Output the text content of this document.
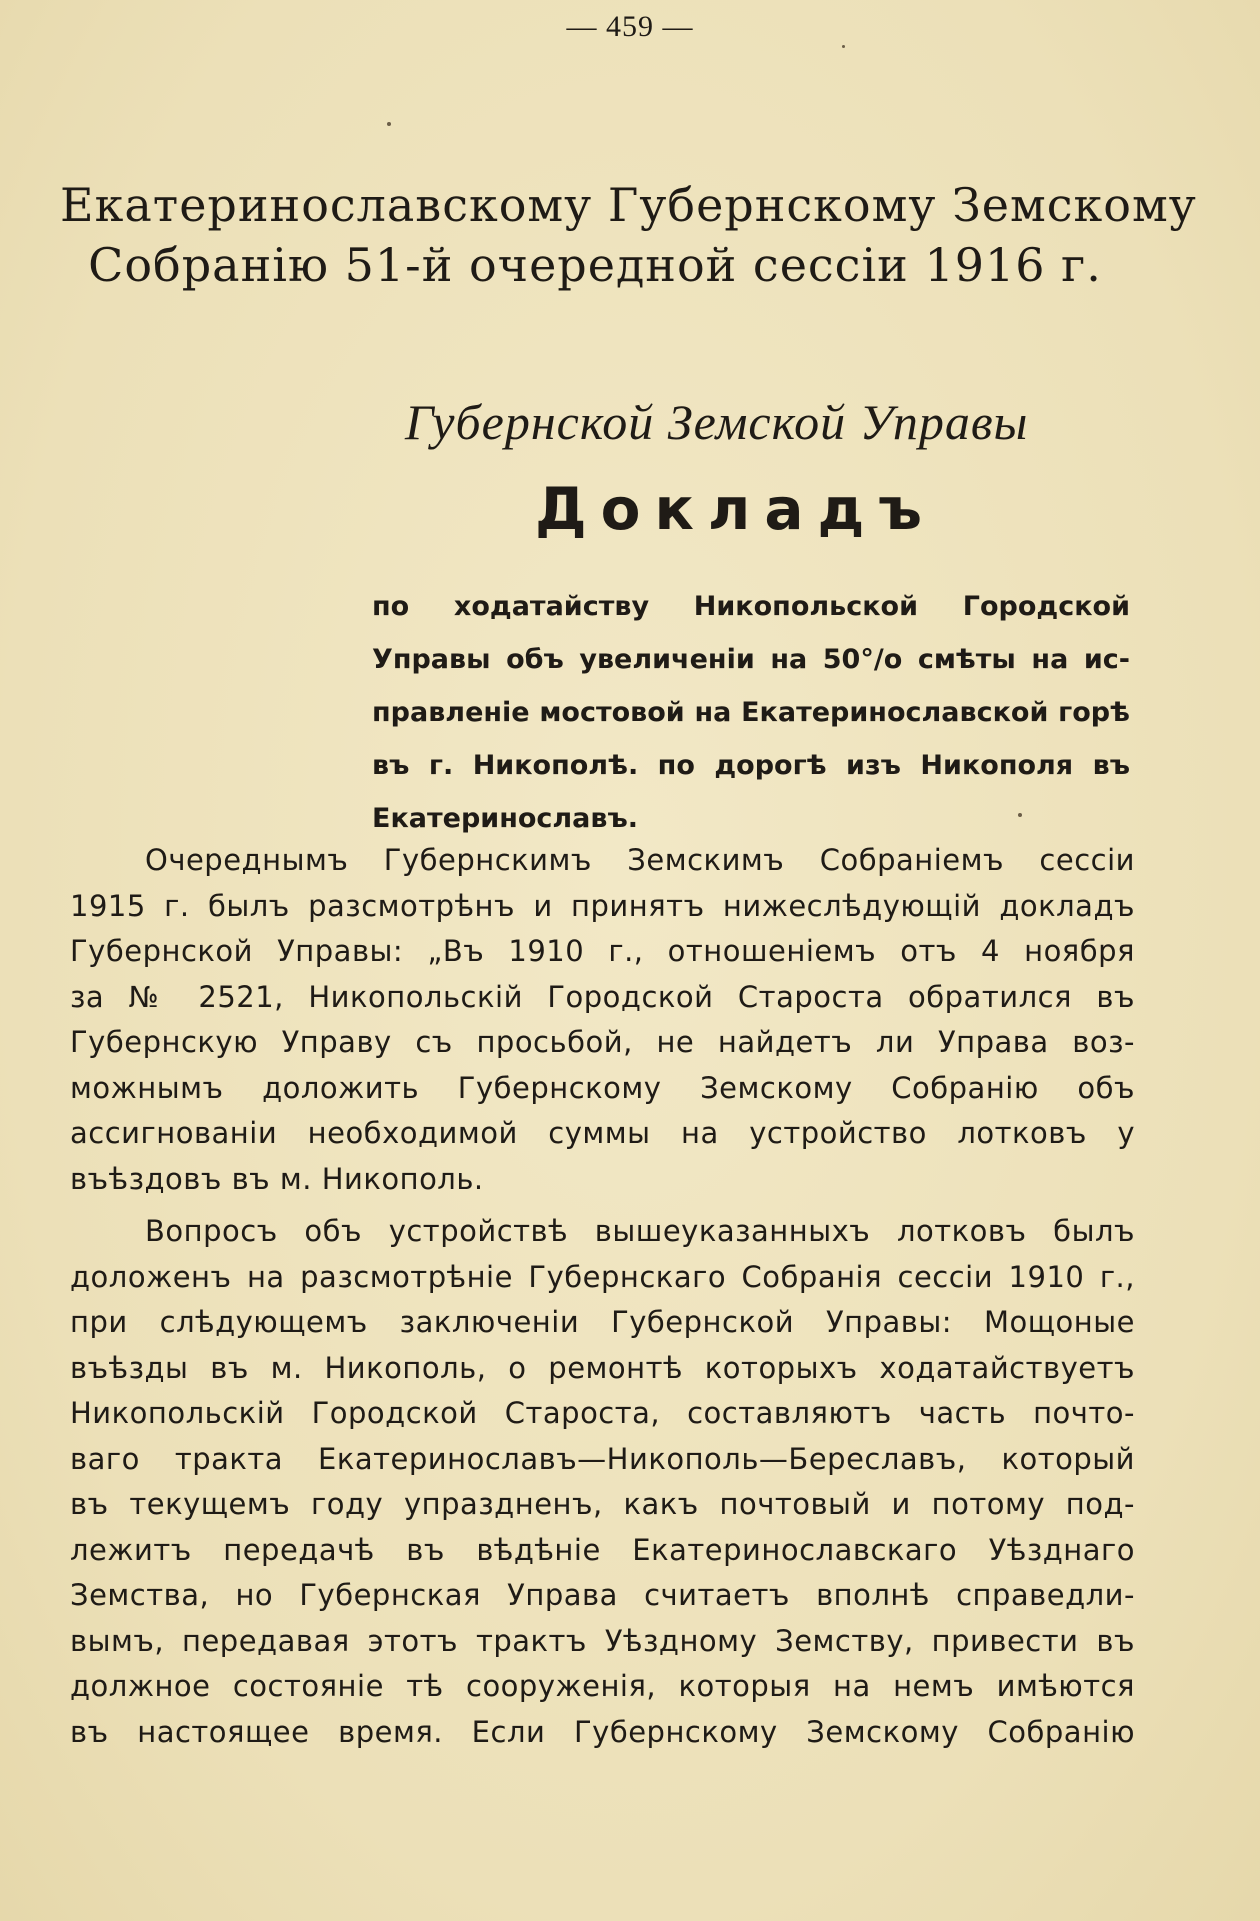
— 459 —
Екатеринославскому Губернскому Земскому
Собранію 51-й очередной сессіи 1916 г.
Губернской Земской Управы
Докладъ
по ходатайству Никопольской Городской
Управы объ увеличеніи на 50°/о смѣты на ис-
правленіе мостовой на Екатеринославской горѣ
въ г. Никополѣ. по дорогѣ изъ Никополя въ
Екатеринославъ.

Очереднымъ Губернскимъ Земскимъ Собраніемъ сессіи
1915 г. былъ разсмотрѣнъ и принятъ нижеслѣдующій докладъ
Губернской Управы: „Въ 1910 г., отношеніемъ отъ 4 ноября
за № 2521, Никопольскій Городской Староста обратился въ
Губернскую Управу съ просьбой, не найдетъ ли Управа воз-
можнымъ доложить Губернскому Земскому Собранію объ
ассигнованіи необходимой суммы на устройство лотковъ у
въѣздовъ въ м. Никополь.

Вопросъ объ устройствѣ вышеуказанныхъ лотковъ былъ
доложенъ на разсмотрѣніе Губернскаго Собранія сессіи 1910 г.,
при слѣдующемъ заключеніи Губернской Управы: Мощоные
въѣзды въ м. Никополь, о ремонтѣ которыхъ ходатайствуетъ
Никопольскій Городской Староста, составляютъ часть почто-
ваго тракта Екатеринославъ—Никополь—Берeславъ, который
въ текущемъ году упраздненъ, какъ почтовый и потому под-
лежитъ передачѣ въ вѣдѣніе Екатеринославскаго Уѣзднаго
Земства, но Губернская Управа считаетъ вполнѣ справедли-
вымъ, передавая этотъ трактъ Уѣздному Земству, привести въ
должное состояніе тѣ сооруженія, которыя на немъ имѣются
въ настоящее время. Если Губернскому Земскому Собранію
